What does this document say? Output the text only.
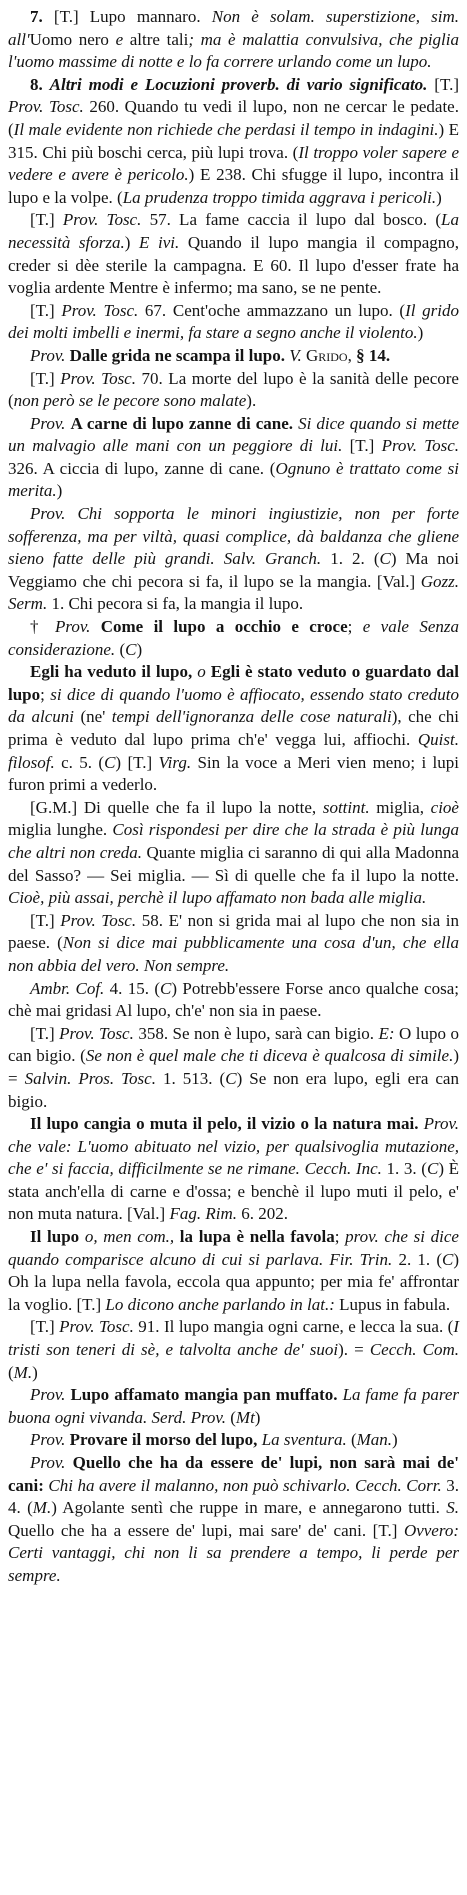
7. [T.] Lupo mannaro. Non è solam. superstizione, sim. all'Uomo nero e altre tali; ma è malattia convulsiva, che piglia l'uomo massime di notte e lo fa correre urlando come un lupo.

8. Altri modi e Locuzioni proverb. di vario significato. [T.] Prov. Tosc. 260. Quando tu vedi il lupo, non ne cercar le pedate. (Il male evidente non richiede che perdasi il tempo in indagini.) E 315. Chi più boschi cerca, più lupi trova. (Il troppo voler sapere e vedere e avere è pericolo.) E 238. Chi sfugge il lupo, incontra il lupo e la volpe. (La prudenza troppo timida aggrava i pericoli.)

[T.] Prov. Tosc. 57. La fame caccia il lupo dal bosco. (La necessità sforza.) E ivi. Quando il lupo mangia il compagno, creder si dèe sterile la campagna. E 60. Il lupo d'esser frate ha voglia ardente Mentre è infermo; ma sano, se ne pente.

[T.] Prov. Tosc. 67. Cent'oche ammazzano un lupo. (Il grido dei molti imbelli e inermi, fa stare a segno anche il violento.)

Prov. Dalle grida ne scampa il lupo. V. Grido, § 14.

[T.] Prov. Tosc. 70. La morte del lupo è la sanità delle pecore (non però se le pecore sono malate).

Prov. A carne di lupo zanne di cane. Si dice quando si mette un malvagio alle mani con un peggiore di lui. [T.] Prov. Tosc. 326. A ciccia di lupo, zanne di cane. (Ognuno è trattato come si merita.)

Prov. Chi sopporta le minori ingiustizie, non per forte sofferenza, ma per viltà, quasi complice, dà baldanza che gliene sieno fatte delle più grandi. Salv. Granch. 1. 2. (C) Ma noi Veggiamo che chi pecora si fa, il lupo se la mangia. [Val.] Gozz. Serm. 1. Chi pecora si fa, la mangia il lupo.

† Prov. Come il lupo a occhio e croce; e vale Senza considerazione. (C)

Egli ha veduto il lupo, o Egli è stato veduto o guardato dal lupo; si dice di quando l'uomo è affiocato, essendo stato creduto da alcuni (ne' tempi dell'ignoranza delle cose naturali), che chi prima è veduto dal lupo prima ch'e' vegga lui, affiochi. Quist. filosof. c. 5. (C) [T.] Virg. Sin la voce a Meri vien meno; i lupi furon primi a vederlo.

[G.M.] Di quelle che fa il lupo la notte, sottint. miglia, cioè miglia lunghe. Così rispondesi per dire che la strada è più lunga che altri non creda. Quante miglia ci saranno di qui alla Madonna del Sasso? — Sei miglia. — Sì di quelle che fa il lupo la notte. Cioè, più assai, perchè il lupo affamato non bada alle miglia.

[T.] Prov. Tosc. 58. E' non si grida mai al lupo che non sia in paese. (Non si dice mai pubblicamente una cosa d'un, che ella non abbia del vero. Non sempre.

Ambr. Cof. 4. 15. (C) Potrebb'essere Forse anco qualche cosa; chè mai gridasi Al lupo, ch'e' non sia in paese.

[T.] Prov. Tosc. 358. Se non è lupo, sarà can bigio. E: O lupo o can bigio. (Se non è quel male che ti diceva è qualcosa di simile.) = Salvin. Pros. Tosc. 1. 513. (C) Se non era lupo, egli era can bigio.

Il lupo cangia o muta il pelo, il vizio o la natura mai. Prov. che vale: L'uomo abituato nel vizio, per qualsivoglia mutazione, che e' si faccia, difficilmente se ne rimane. Cecch. Inc. 1. 3. (C) È stata anch'ella di carne e d'ossa; e benchè il lupo muti il pelo, e' non muta natura. [Val.] Fag. Rim. 6. 202.

Il lupo o, men com., la lupa è nella favola; prov. che si dice quando comparisce alcuno di cui si parlava. Fir. Trin. 2. 1. (C) Oh la lupa nella favola, eccola qua appunto; per mia fe' affrontar la voglio. [T.] Lo dicono anche parlando in lat.: Lupus in fabula.

[T.] Prov. Tosc. 91. Il lupo mangia ogni carne, e lecca la sua. (I tristi son teneri di sè, e talvolta anche de' suoi). = Cecch. Com. (M.)

Prov. Lupo affamato mangia pan muffato. La fame fa parer buona ogni vivanda. Serd. Prov. (Mt)

Prov. Provare il morso del lupo, La sventura. (Man.)

Prov. Quello che ha da essere de' lupi, non sarà mai de' cani: Chi ha avere il malanno, non può schivarlo. Cecch. Corr. 3. 4. (M.) Agolante sentì che ruppe in mare, e annegarono tutti. S. Quello che ha a essere de' lupi, mai sare' de' cani. [T.] Ovvero: Certi vantaggi, chi non li sa prendere a tempo, li perde per sempre.
